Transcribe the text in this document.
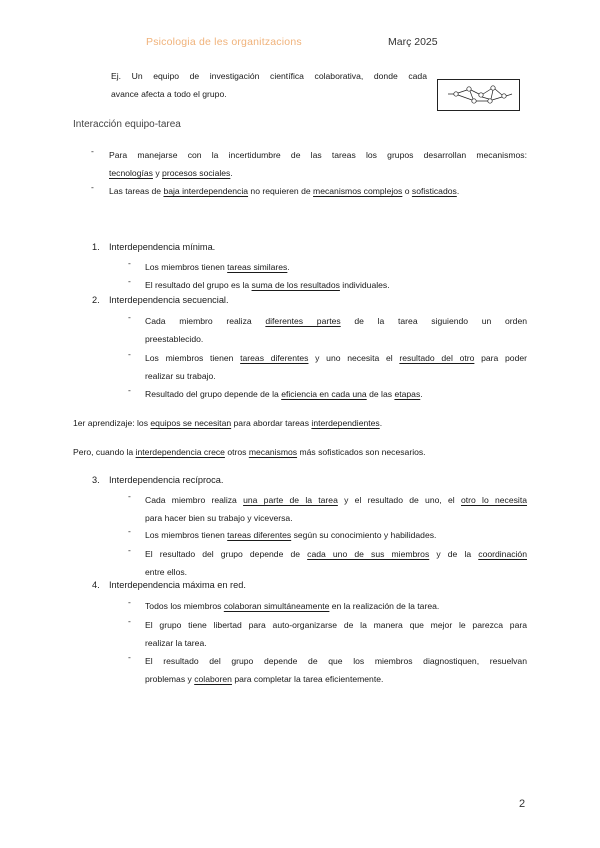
Psicologia de les organitzacions	Març 2025
Ej. Un equipo de investigación científica colaborativa, donde cada
avance afecta a todo el grupo.
Interacción equipo-tarea
- Para manejarse con la incertidumbre de las tareas los grupos desarrollan mecanismos:
tecnologías y procesos sociales.
- Las tareas de baja interdependencia no requieren de mecanismos complejos o sofisticados.
1. Interdependencia mínima.
- Los miembros tienen tareas similares.
- El resultado del grupo es la suma de los resultados individuales.
2. Interdependencia secuencial.
- Cada miembro realiza diferentes partes de la tarea siguiendo un orden
preestablecido.
- Los miembros tienen tareas diferentes y uno necesita el resultado del otro para poder
realizar su trabajo.
- Resultado del grupo depende de la eficiencia en cada una de las etapas.
1er aprendizaje: los equipos se necesitan para abordar tareas interdependientes.
Pero, cuando la interdependencia crece otros mecanismos más sofisticados son necesarios.
3. Interdependencia recíproca.
- Cada miembro realiza una parte de la tarea y el resultado de uno, el otro lo necesita
para hacer bien su trabajo y viceversa.
- Los miembros tienen tareas diferentes según su conocimiento y habilidades.
- El resultado del grupo depende de cada uno de sus miembros y de la coordinación
entre ellos.
4. Interdependencia máxima en red.
- Todos los miembros colaboran simultáneamente en la realización de la tarea.
- El grupo tiene libertad para auto-organizarse de la manera que mejor le parezca para
realizar la tarea.
- El resultado del grupo depende de que los miembros diagnostiquen, resuelvan
problemas y colaboren para completar la tarea eficientemente.
2
